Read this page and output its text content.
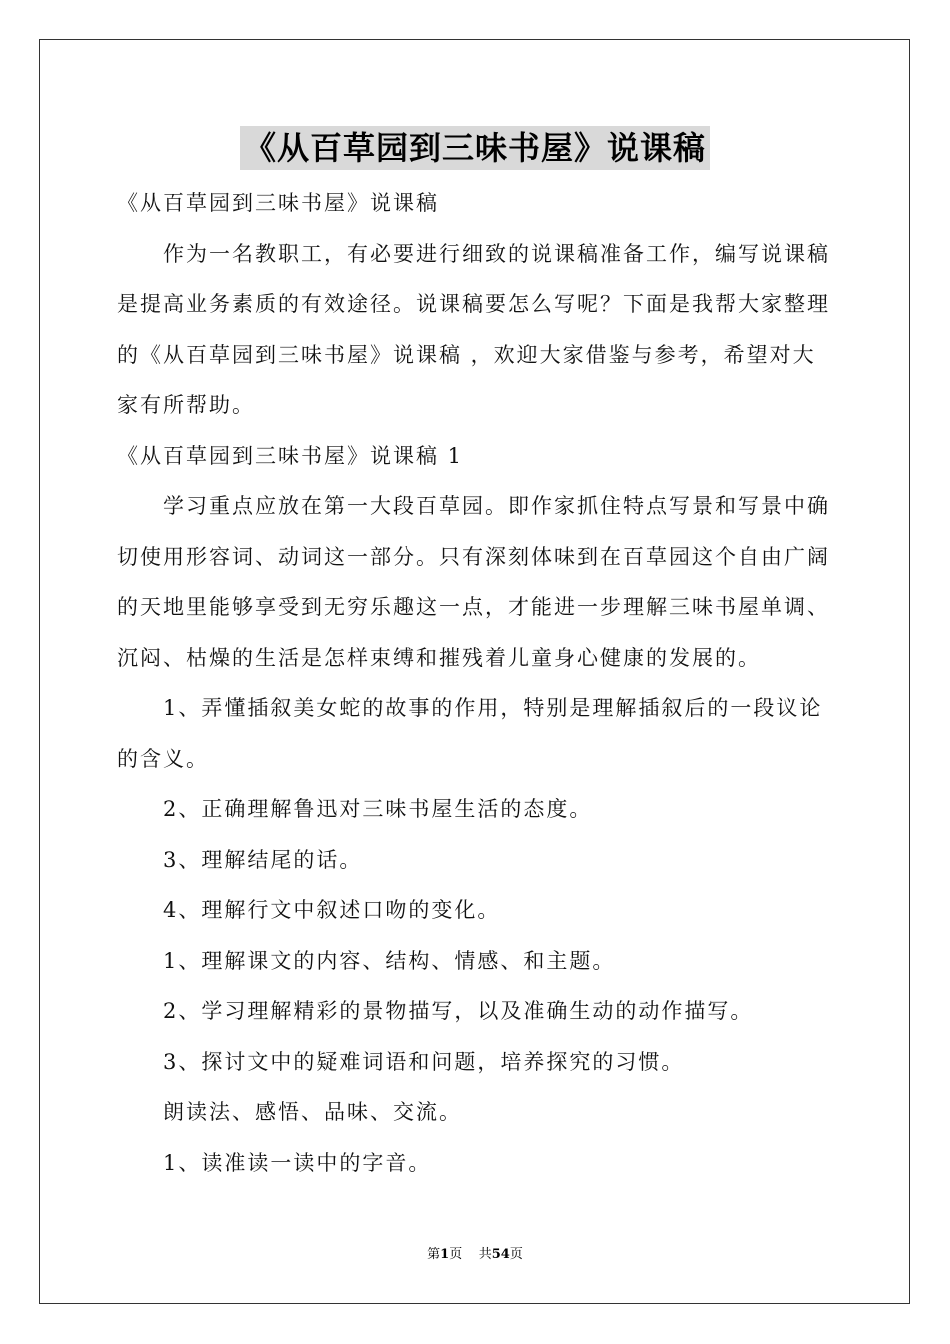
《从百草园到三味书屋》说课稿

《从百草园到三味书屋》说课稿

作为一名教职工，有必要进行细致的说课稿准备工作，编写说课稿是提高业务素质的有效途径。说课稿要怎么写呢？下面是我帮大家整理的《从百草园到三味书屋》说课稿 ，欢迎大家借鉴与参考，希望对大家有所帮助。

《从百草园到三味书屋》说课稿 1

学习重点应放在第一大段百草园。即作家抓住特点写景和写景中确切使用形容词、动词这一部分。只有深刻体味到在百草园这个自由广阔的天地里能够享受到无穷乐趣这一点，才能进一步理解三味书屋单调、沉闷、枯燥的生活是怎样束缚和摧残着儿童身心健康的发展的。

1、弄懂插叙美女蛇的故事的作用，特别是理解插叙后的一段议论的含义。

2、正确理解鲁迅对三味书屋生活的态度。

3、理解结尾的话。

4、理解行文中叙述口吻的变化。

1、理解课文的内容、结构、情感、和主题。

2、学习理解精彩的景物描写，以及准确生动的动作描写。

3、探讨文中的疑难词语和问题，培养探究的习惯。

朗读法、感悟、品味、交流。

1、读准读一读中的字音。

第1页 共54页
